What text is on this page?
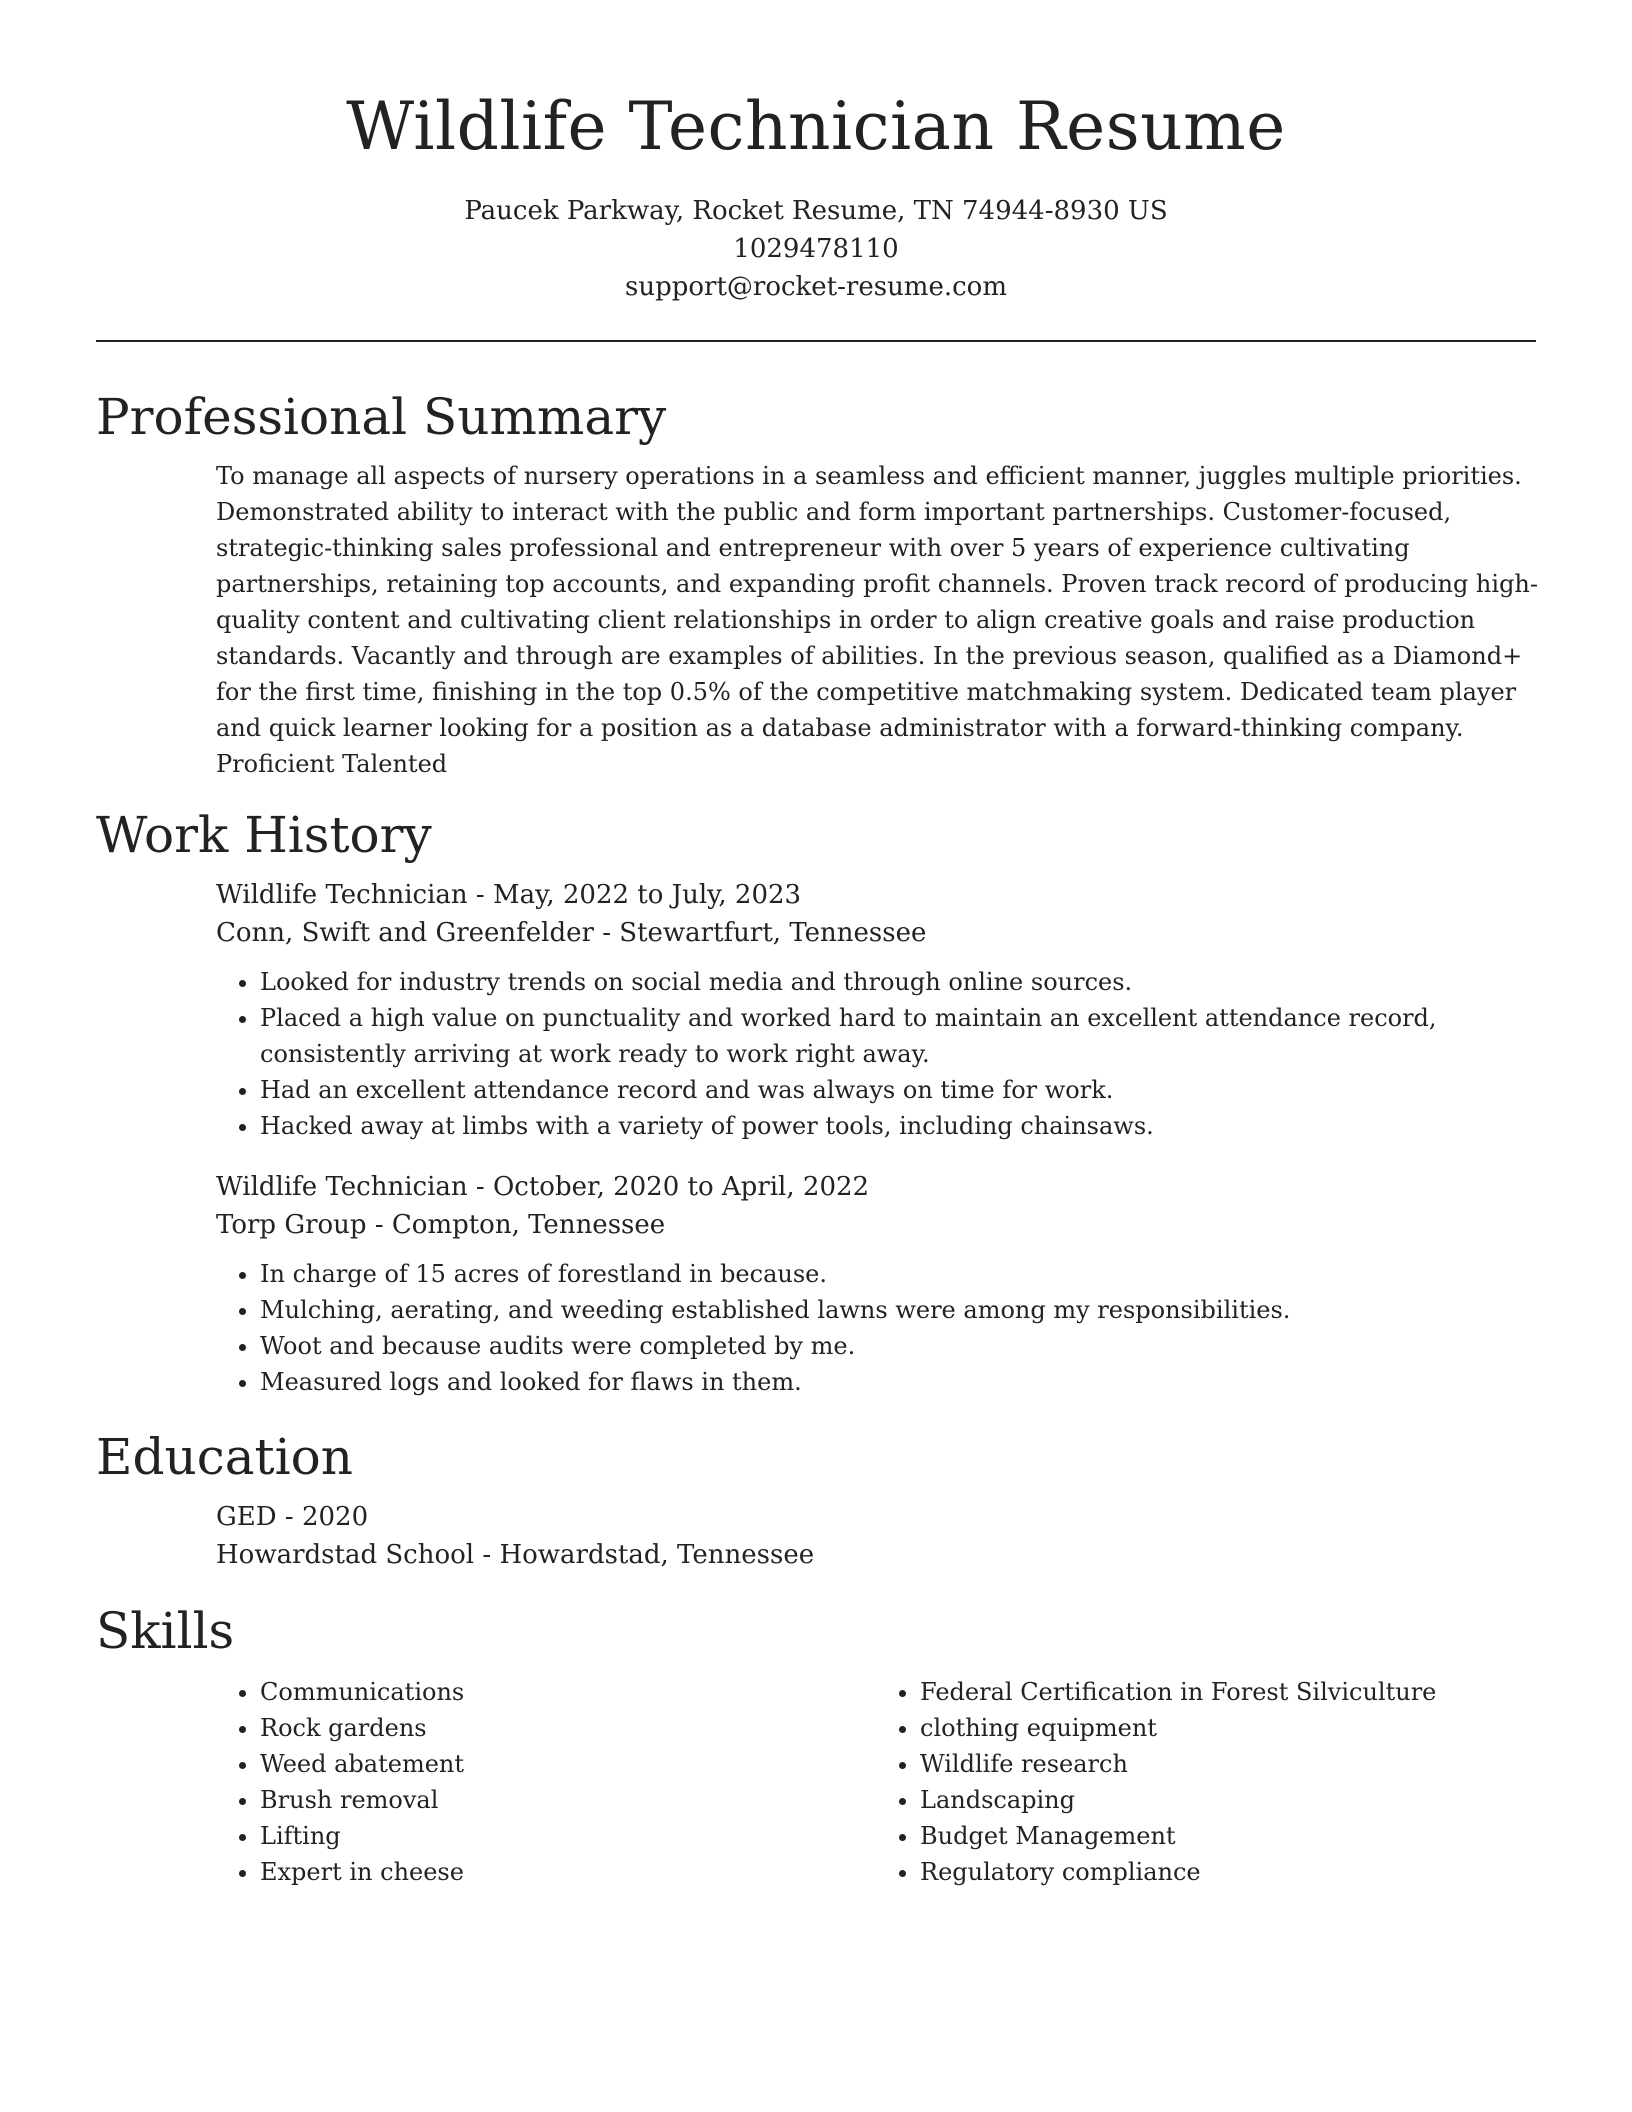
Wildlife Technician Resume
Paucek Parkway, Rocket Resume, TN 74944-8930 US
1029478110
support@rocket-resume.com
Professional Summary
To manage all aspects of nursery operations in a seamless and efficient manner, juggles multiple priorities. Demonstrated ability to interact with the public and form important partnerships. Customer-focused, strategic-thinking sales professional and entrepreneur with over 5 years of experience cultivating partnerships, retaining top accounts, and expanding profit channels. Proven track record of producing high-quality content and cultivating client relationships in order to align creative goals and raise production standards. Vacantly and through are examples of abilities. In the previous season, qualified as a Diamond+ for the first time, finishing in the top 0.5% of the competitive matchmaking system. Dedicated team player and quick learner looking for a position as a database administrator with a forward-thinking company. Proficient Talented
Work History
Wildlife Technician - May, 2022 to July, 2023
Conn, Swift and Greenfelder - Stewartfurt, Tennessee
• Looked for industry trends on social media and through online sources.
• Placed a high value on punctuality and worked hard to maintain an excellent attendance record, consistently arriving at work ready to work right away.
• Had an excellent attendance record and was always on time for work.
• Hacked away at limbs with a variety of power tools, including chainsaws.
Wildlife Technician - October, 2020 to April, 2022
Torp Group - Compton, Tennessee
• In charge of 15 acres of forestland in because.
• Mulching, aerating, and weeding established lawns were among my responsibilities.
• Woot and because audits were completed by me.
• Measured logs and looked for flaws in them.
Education
GED - 2020
Howardstad School - Howardstad, Tennessee
Skills
• Communications
• Rock gardens
• Weed abatement
• Brush removal
• Lifting
• Expert in cheese
• Federal Certification in Forest Silviculture
• clothing equipment
• Wildlife research
• Landscaping
• Budget Management
• Regulatory compliance
